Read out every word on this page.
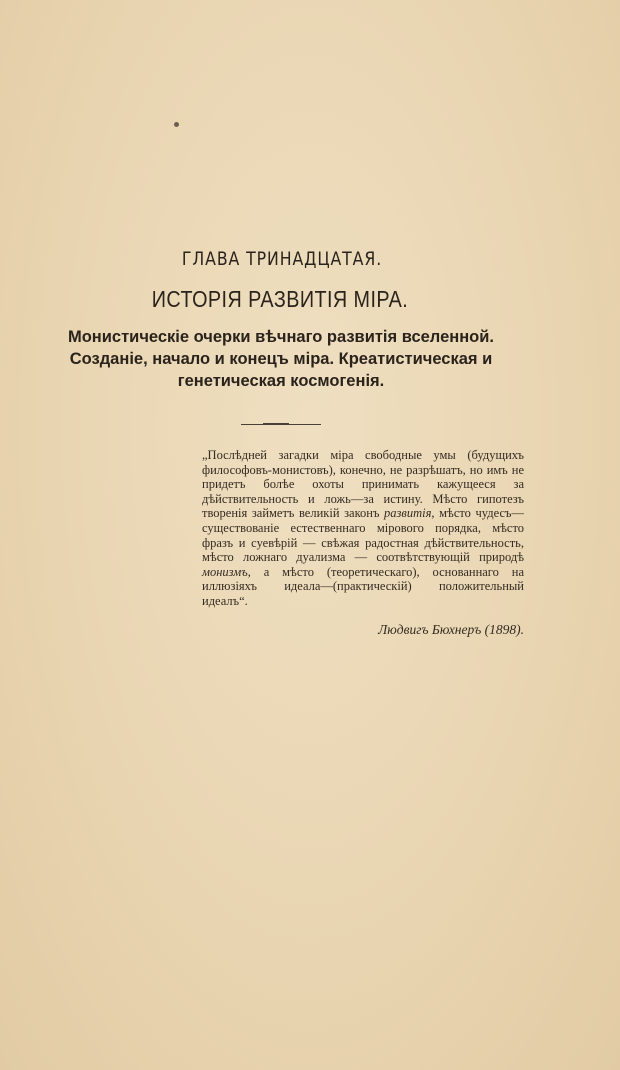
ГЛАВА ТРИНАДЦАТАЯ.
ИСТОРІЯ РАЗВИТІЯ МІРА.
Монистическіе очерки вѣчнаго развитія вселенной. Созданіе, начало и конецъ міра. Креатистическая и генетическая космогенія.
„Послѣдней загадки міра свободные умы (будущихъ философовъ-монистовъ), конечно, не разрѣшатъ, но имъ не придетъ болѣе охоты принимать кажущееся за дѣйствительность и ложь—за истину. Мѣсто гипотезъ творенія займетъ великій законъ развитія, мѣсто чудесъ—существованіе естественнаго мірового порядка, мѣсто фразъ и суевѣрій — свѣжая радостная дѣйствительность, мѣсто ложнаго дуализма — соотвѣтствующій природѣ монизмъ, а мѣсто (теоретическаго), основаннаго на иллюзіяхъ идеала—(практическій) положительный идеалъ“.
Людвигъ Бюхнеръ (1898).
